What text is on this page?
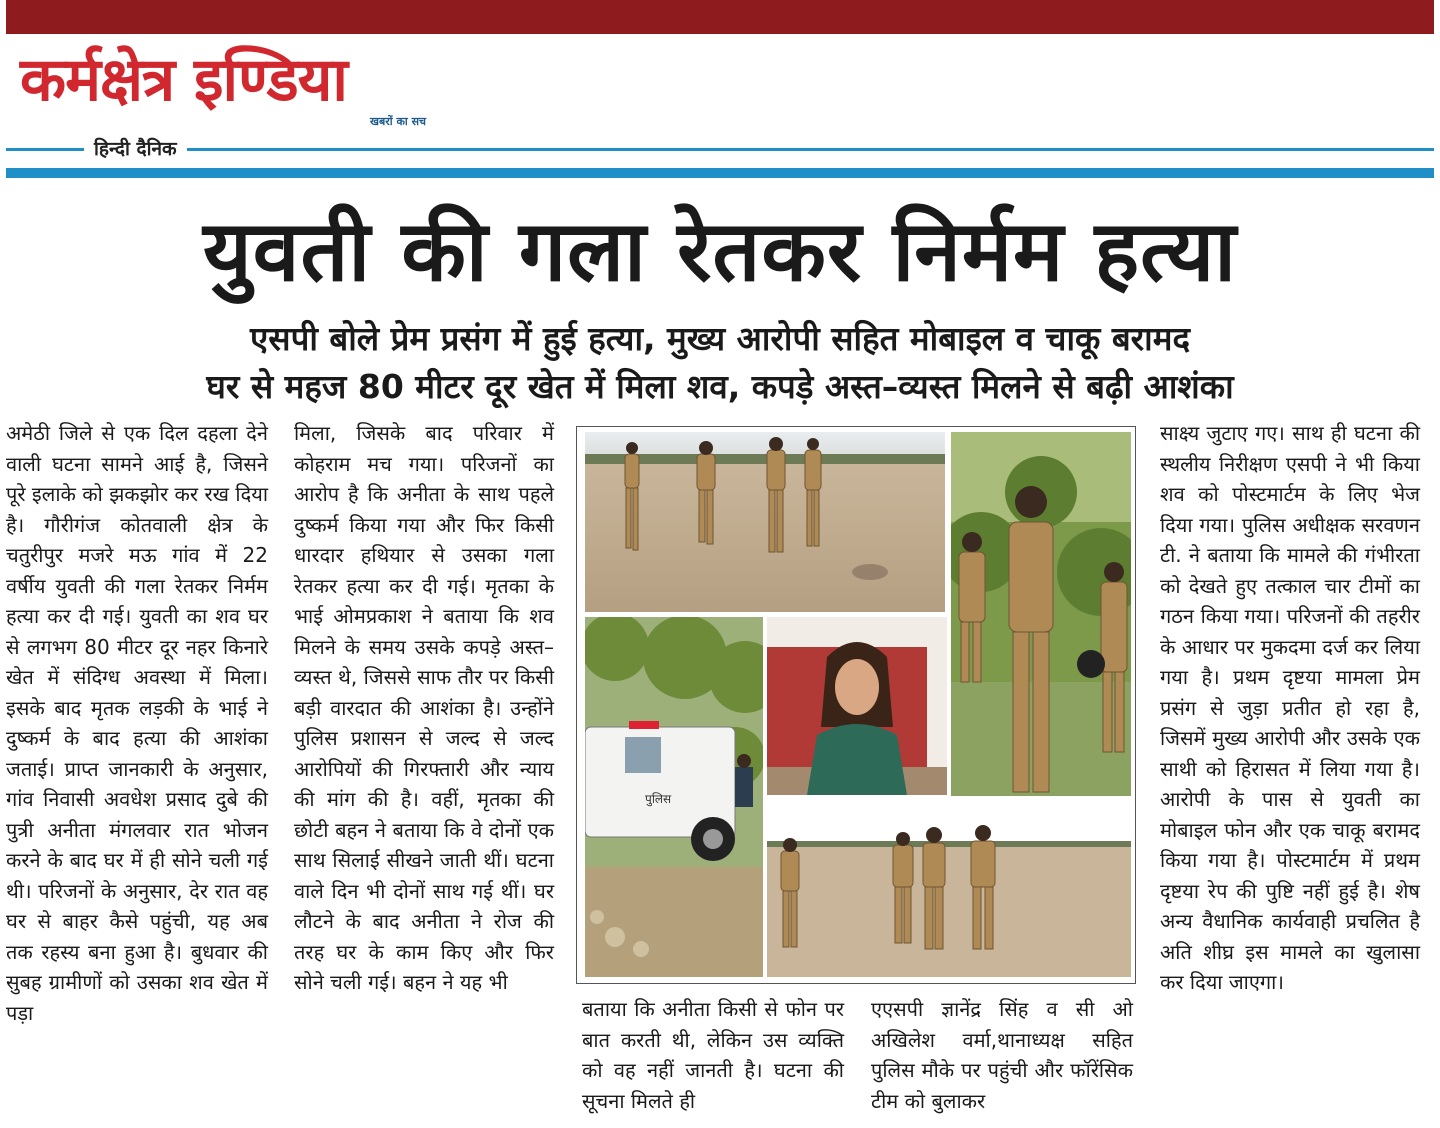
कर्मक्षेत्र इण्डिया
खबरों का सच
हिन्दी दैनिक
युवती की गला रेतकर निर्मम हत्या
एसपी बोले प्रेम प्रसंग में हुई हत्या, मुख्य आरोपी सहित मोबाइल व चाकू बरामद
घर से महज 80 मीटर दूर खेत में मिला शव, कपड़े अस्त–व्यस्त मिलने से बढ़ी आशंका

अमेठी जिले से एक दिल दहला देने वाली घटना सामने आई है, जिसने पूरे इलाके को झकझोर कर रख दिया है। गौरीगंज कोतवाली क्षेत्र के चतुरीपुर मजरे मऊ गांव में 22 वर्षीय युवती की गला रेतकर निर्मम हत्या कर दी गई। युवती का शव घर से लगभग 80 मीटर दूर नहर किनारे खेत में संदिग्ध अवस्था में मिला। इसके बाद मृतक लड़की के भाई ने दुष्कर्म के बाद हत्या की आशंका जताई। प्राप्त जानकारी के अनुसार, गांव निवासी अवधेश प्रसाद दुबे की पुत्री अनीता मंगलवार रात भोजन करने के बाद घर में ही सोने चली गई थी। परिजनों के अनुसार, देर रात वह घर से बाहर कैसे पहुंची, यह अब तक रहस्य बना हुआ है। बुधवार की सुबह ग्रामीणों को उसका शव खेत में पड़ा

मिला, जिसके बाद परिवार में कोहराम मच गया। परिजनों का आरोप है कि अनीता के साथ पहले दुष्कर्म किया गया और फिर किसी धारदार हथियार से उसका गला रेतकर हत्या कर दी गई। मृतका के भाई ओमप्रकाश ने बताया कि शव मिलने के समय उसके कपड़े अस्त–व्यस्त थे, जिससे साफ तौर पर किसी बड़ी वारदात की आशंका है। उन्होंने पुलिस प्रशासन से जल्द से जल्द आरोपियों की गिरफ्तारी और न्याय की मांग की है। वहीं, मृतका की छोटी बहन ने बताया कि वे दोनों एक साथ सिलाई सीखने जाती थीं। घटना वाले दिन भी दोनों साथ गई थीं। घर लौटने के बाद अनीता ने रोज की तरह घर के काम किए और फिर सोने चली गई। बहन ने यह भी

बताया कि अनीता किसी से फोन पर बात करती थी, लेकिन उस व्यक्ति को वह नहीं जानती है। घटना की सूचना मिलते ही

एएसपी ज्ञानेंद्र सिंह व सी ओ अखिलेश वर्मा,थानाध्यक्ष सहित पुलिस मौके पर पहुंची और फॉरेंसिक टीम को बुलाकर

साक्ष्य जुटाए गए। साथ ही घटना की स्थलीय निरीक्षण एसपी ने भी किया शव को पोस्टमार्टम के लिए भेज दिया गया। पुलिस अधीक्षक सरवणन टी. ने बताया कि मामले की गंभीरता को देखते हुए तत्काल चार टीमों का गठन किया गया। परिजनों की तहरीर के आधार पर मुकदमा दर्ज कर लिया गया है। प्रथम दृष्टया मामला प्रेम प्रसंग से जुड़ा प्रतीत हो रहा है, जिसमें मुख्य आरोपी और उसके एक साथी को हिरासत में लिया गया है। आरोपी के पास से युवती का मोबाइल फोन और एक चाकू बरामद किया गया है। पोस्टमार्टम में प्रथम दृष्टया रेप की पुष्टि नहीं हुई है। शेष अन्य वैधानिक कार्यवाही प्रचलित है अति शीघ्र इस मामले का खुलासा कर दिया जाएगा।

पुलिस
